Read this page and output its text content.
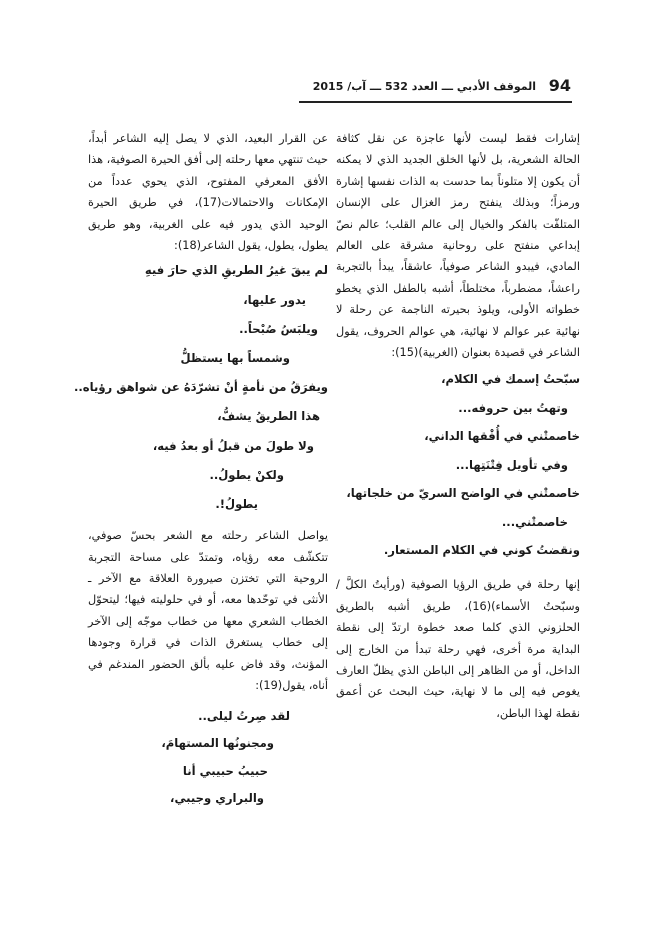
94
الموقف الأدبي ـــ العدد 532 ـــ آب/ 2015

إشارات فقط ليست لأنها عاجزة عن نقل كثافة الحالة الشعرية، بل لأنها الخلق الجديد الذي لا يمكنه أن يكون إلا متلوناً بما حدست به الذات نفسها إشارة ورمزاً؛ وبذلك ينفتح رمز الغزال على الإنسان المتلفّت بالفكر والخيال إلى عالم القلب؛ عالم نصّ إبداعي منفتح على روحانية مشرقة على العالم المادي، فيبدو الشاعر صوفياً، عاشقاً، يبدأ بالتجربة راعشاً، مضطرباً، مختلطاً، أشبه بالطفل الذي يخطو خطواته الأولى، ويلوذ بحيرته الناجمة عن رحلة لا نهائية عبر عوالم لا نهائية، هي عوالم الحروف، يقول الشاعر في قصيدة بعنوان (الغربية)(15):

سبّحتُ إسمك في الكلام،
وتهتُ بين حروفه...
خاصمتْني في أُفْقها الداني،
وفي تأويل فِتْنَتِها...
خاصمتْني في الواضح السريّ من خلجاتها،
خاصمتْني...
ونقضتُ كوني في الكلام المستعار.

إنها رحلة في طريق الرؤيا الصوفية (ورأيتُ الكلَّ / وسبّحتُ الأسماء)(16)، طريق أشبه بالطريق الحلزوني الذي كلما صعد خطوة ارتدّ إلى نقطة البداية مرة أخرى، فهي رحلة تبدأ من الخارج إلى الداخل، أو من الظاهر إلى الباطن الذي يظلّ العارف يغوص فيه إلى ما لا نهاية، حيث البحث عن أعمق نقطة لهذا الباطن،

عن القرار البعيد، الذي لا يصل إليه الشاعر أبداً، حيث تنتهي معها رحلته إلى أفق الحيرة الصوفية، هذا الأفق المعرفي المفتوح، الذي يحوي عدداً من الإمكانات والاحتمالات(17)، في طريق الحيرة الوحيد الذي يدور فيه على الغربية، وهو طريق يطول، يطول، يقول الشاعر(18):

لم يبقَ غيرُ الطريقِ الذي حارَ فيهِ
يدور عليها،
ويلبَسُ صُبْحاً..
وشمساً بها يستظلُّ
ويفرَقُ من نأمةٍ أنْ تشرّدَهُ عن شواهق رؤياه..
هذا الطريقُ يشفُّ،
ولا طولَ من قبلُ أو بعدُ فيه،
ولكنْ يطولُ..
يطولُ!.

يواصل الشاعر رحلته مع الشعر بحسّ صوفي، تتكشّف معه رؤياه، وتمتدّ على مساحة التجربة الروحية التي تختزن صيرورة العلاقة مع الآخر ـ الأنثى في توحّدها معه، أو في حلوليته فيها؛ ليتحوّل الخطاب الشعري معها من خطاب موجّه إلى الآخر إلى خطاب يستغرق الذات في قرارة وجودها المؤنث، وقد فاض عليه بألق الحضور المندغم في أناه، يقول(19):

لقد صِرتُ ليلى..
ومجنونُها المستهامَ،
حبيبُ حبيبي أنا
والبراري وجيبي،
